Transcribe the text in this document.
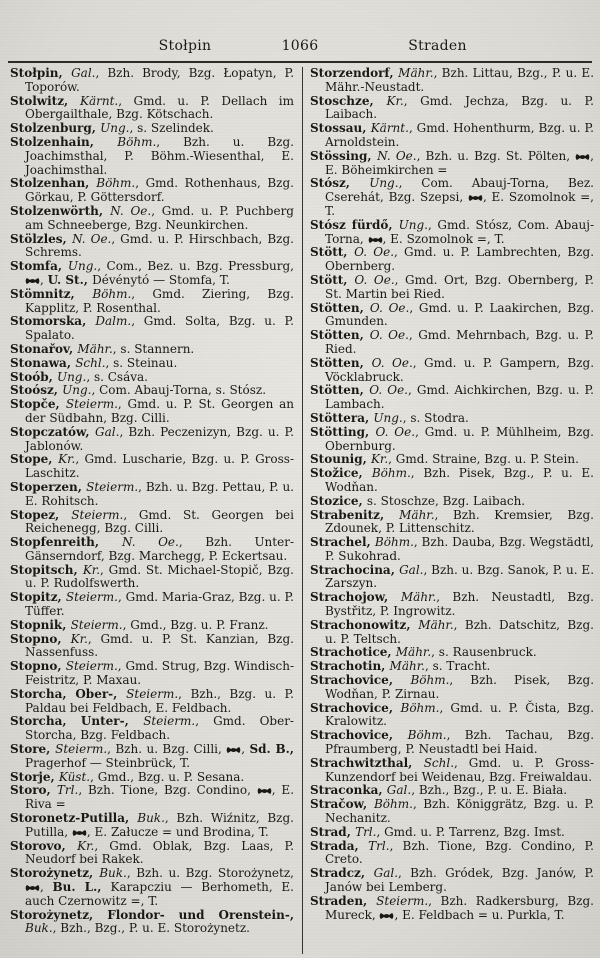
Stołpin	1066	Straden

Stołpin, Gal., Bzh. Brody, Bzg. Łopatyn, P. Toporów.

Stolwitz, Kärnt., Gmd. u. P. Dellach im Obergailthale, Bzg. Kötschach.

Stolzenburg, Ung., s. Szelindek.

Stolzenhain, Böhm., Bzh. u. Bzg. Joachimsthal, P. Böhm.-Wiesenthal, E. Joachimsthal.

Stolzenhan, Böhm., Gmd. Rothenhaus, Bzg. Görkau, P. Göttersdorf.

Stolzenwörth, N. Oe., Gmd. u. P. Puchberg am Schneeberge, Bzg. Neunkirchen.

Stölzles, N. Oe., Gmd. u. P. Hirschbach, Bzg. Schrems.

Stomfa, Ung., Com., Bez. u. Bzg. Pressburg, , U. St., Dévénytó — Stomfa, T.

Stömnitz, Böhm., Gmd. Ziering, Bzg. Kapplitz, P. Rosenthal.

Stomorska, Dalm., Gmd. Solta, Bzg. u. P. Spalato.

Stonařov, Mähr., s. Stannern.

Stonawa, Schl., s. Steinau.

Stoób, Ung., s. Csáva.

Stoósz, Ung., Com. Abauj-Torna, s. Stósz.

Stopče, Steierm., Gmd. u. P. St. Georgen an der Südbahn, Bzg. Cilli.

Stopczatów, Gal., Bzh. Peczenizyn, Bzg. u. P. Jablonów.

Stope, Kr., Gmd. Luscharie, Bzg. u. P. Gross-Laschitz.

Stoperzen, Steierm., Bzh. u. Bzg. Pettau, P. u. E. Rohitsch.

Stopez, Steierm., Gmd. St. Georgen bei Reichenegg, Bzg. Cilli.

Stopfenreith, N. Oe., Bzh. Unter-Gänserndorf, Bzg. Marchegg, P. Eckertsau.

Stopitsch, Kr., Gmd. St. Michael-Stopič, Bzg. u. P. Rudolfswerth.

Stopitz, Steierm., Gmd. Maria-Graz, Bzg. u. P. Tüffer.

Stopnik, Steierm., Gmd., Bzg. u. P. Franz.

Stopno, Kr., Gmd. u. P. St. Kanzian, Bzg. Nassenfuss.

Stopno, Steierm., Gmd. Strug, Bzg. Windisch-Feistritz, P. Maxau.

Storcha, Ober-, Steierm., Bzh., Bzg. u. P. Paldau bei Feldbach, E. Feldbach.

Storcha, Unter-, Steierm., Gmd. Ober-Storcha, Bzg. Feldbach.

Store, Steierm., Bzh. u. Bzg. Cilli, , Sd. B., Pragerhof — Steinbrück, T.

Storje, Küst., Gmd., Bzg. u. P. Sesana.

Storo, Trl., Bzh. Tione, Bzg. Condino, , E. Riva =

Storonetz-Putilla, Buk., Bzh. Wiźnitz, Bzg. Putilla, , E. Załucze = und Brodina, T.

Storovo, Kr., Gmd. Oblak, Bzg. Laas, P. Neudorf bei Rakek.

Storożynetz, Buk., Bzh. u. Bzg. Storożynetz, , Bu. L., Karapcziu — Berhometh, E. auch Czernowitz =, T.

Storożynetz, Flondor- und Orenstein-, Buk., Bzh., Bzg., P. u. E. Storożynetz.

Storzendorf, Mähr., Bzh. Littau, Bzg., P. u. E. Mähr.-Neustadt.

Stoschze, Kr., Gmd. Jechza, Bzg. u. P. Laibach.

Stossau, Kärnt., Gmd. Hohenthurm, Bzg. u. P. Arnoldstein.

Stössing, N. Oe., Bzh. u. Bzg. St. Pölten, , E. Böheimkirchen =

Stósz, Ung., Com. Abauj-Torna, Bez. Cserehát, Bzg. Szepsi, , E. Szomolnok =, T.

Stósz fürdő, Ung., Gmd. Stósz, Com. Abauj-Torna, , E. Szomolnok =, T.

Stött, O. Oe., Gmd. u. P. Lambrechten, Bzg. Obernberg.

Stött, O. Oe., Gmd. Ort, Bzg. Obernberg, P. St. Martin bei Ried.

Stötten, O. Oe., Gmd. u. P. Laakirchen, Bzg. Gmunden.

Stötten, O. Oe., Gmd. Mehrnbach, Bzg. u. P. Ried.

Stötten, O. Oe., Gmd. u. P. Gampern, Bzg. Vöcklabruck.

Stötten, O. Oe., Gmd. Aichkirchen, Bzg. u. P. Lambach.

Stöttera, Ung., s. Stodra.

Stötting, O. Oe., Gmd. u. P. Mühlheim, Bzg. Obernburg.

Stounig, Kr., Gmd. Straine, Bzg. u. P. Stein.

Stožice, Böhm., Bzh. Pisek, Bzg., P. u. E. Wodňan.

Stozice, s. Stoschze, Bzg. Laibach.

Strabenitz, Mähr., Bzh. Kremsier, Bzg. Zdounek, P. Littenschitz.

Strachel, Böhm., Bzh. Dauba, Bzg. Wegstädtl, P. Sukohrad.

Strachocina, Gal., Bzh. u. Bzg. Sanok, P. u. E. Zarszyn.

Strachojow, Mähr., Bzh. Neustadtl, Bzg. Bystřitz, P. Ingrowitz.

Strachonowitz, Mähr., Bzh. Datschitz, Bzg. u. P. Teltsch.

Strachotice, Mähr., s. Rausenbruck.

Strachotin, Mähr., s. Tracht.

Strachovice, Böhm., Bzh. Pisek, Bzg. Wodňan, P. Zirnau.

Strachovice, Böhm., Gmd. u. P. Čista, Bzg. Kralowitz.

Strachovice, Böhm., Bzh. Tachau, Bzg. Pfraumberg, P. Neustadtl bei Haid.

Strachwitzthal, Schl., Gmd. u. P. Gross-Kunzendorf bei Weidenau, Bzg. Freiwaldau.

Straconka, Gal., Bzh., Bzg., P. u. E. Biała.

Stračow, Böhm., Bzh. Königgrätz, Bzg. u. P. Nechanitz.

Strad, Trl., Gmd. u. P. Tarrenz, Bzg. Imst.

Strada, Trl., Bzh. Tione, Bzg. Condino, P. Creto.

Stradcz, Gal., Bzh. Gródek, Bzg. Janów, P. Janów bei Lemberg.

Straden, Steierm., Bzh. Radkersburg, Bzg. Mureck, , E. Feldbach = u. Purkla, T.
